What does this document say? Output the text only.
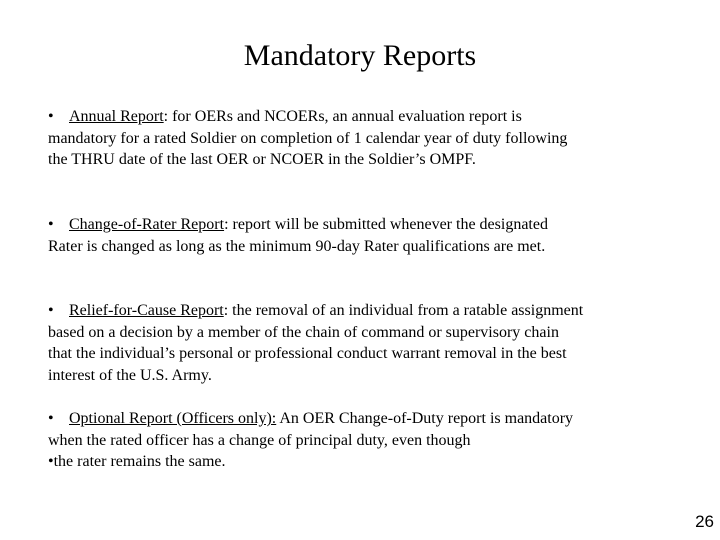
Mandatory Reports
• Annual Report: for OERs and NCOERs, an annual evaluation report is
mandatory for a rated Soldier on completion of 1 calendar year of duty following
the THRU date of the last OER or NCOER in the Soldier’s OMPF.
• Change-of-Rater Report: report will be submitted whenever the designated
Rater is changed as long as the minimum 90-day Rater qualifications are met.
• Relief-for-Cause Report: the removal of an individual from a ratable assignment
based on a decision by a member of the chain of command or supervisory chain
that the individual’s personal or professional conduct warrant removal in the best
interest of the U.S. Army.
• Optional Report (Officers only): An OER Change-of-Duty report is mandatory
when the rated officer has a change of principal duty, even though
•the rater remains the same.
26
